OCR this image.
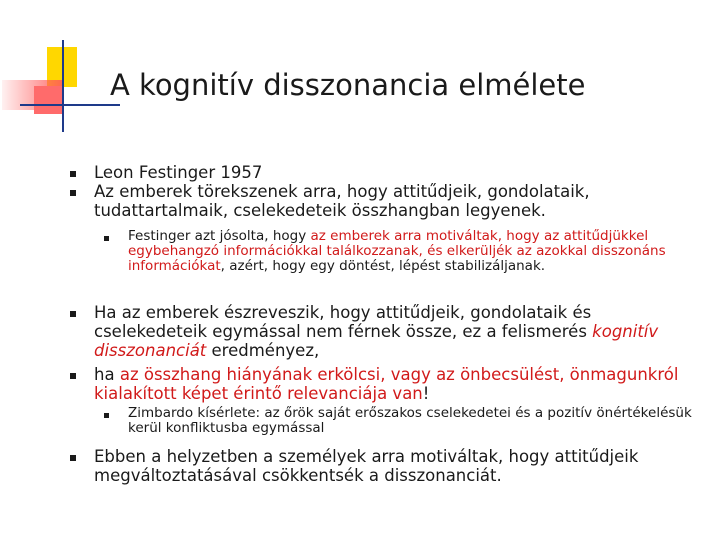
A kognitív disszonancia elmélete
Leon Festinger 1957
Az emberek törekszenek arra, hogy attitűdjeik, gondolataik, tudattartalmaik, cselekedeteik összhangban legyenek.
Festinger azt jósolta, hogy az emberek arra motiváltak, hogy az attitűdjükkel egybehangzó információkkal találkozzanak, és elkerüljék az azokkal disszonáns információkat, azért, hogy egy döntést, lépést stabilizáljanak.
Ha az emberek észreveszik, hogy attitűdjeik, gondolataik és cselekedeteik egymással nem férnek össze, ez a felismerés kognitív disszonanciát eredményez,
ha az összhang hiányának erkölcsi, vagy az önbecsülést, önmagunkról kialakított képet érintő relevanciája van!
Zimbardo kísérlete: az őrök saját erőszakos cselekedetei és a pozitív önértékelésük kerül konfliktusba egymással
Ebben a helyzetben a személyek arra motiváltak, hogy attitűdjeik megváltoztatásával csökkentsék a disszonanciát.
